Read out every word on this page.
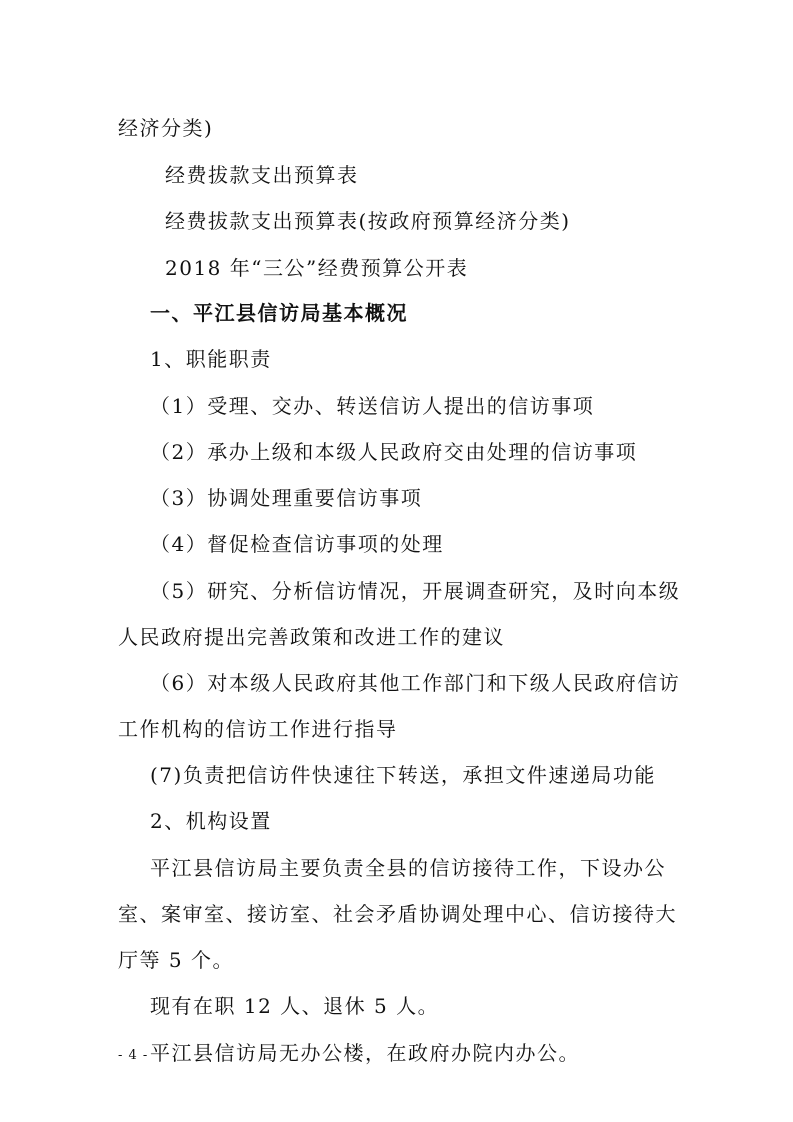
经济分类)
经费拔款支出预算表
经费拔款支出预算表(按政府预算经济分类)
2018 年“三公”经费预算公开表
一、平江县信访局基本概况
1、职能职责
（1）受理、交办、转送信访人提出的信访事项
（2）承办上级和本级人民政府交由处理的信访事项
（3）协调处理重要信访事项
（4）督促检查信访事项的处理
（5）研究、分析信访情况，开展调查研究，及时向本级
人民政府提出完善政策和改进工作的建议
（6）对本级人民政府其他工作部门和下级人民政府信访
工作机构的信访工作进行指导
(7)负责把信访件快速往下转送，承担文件速递局功能
2、机构设置
平江县信访局主要负责全县的信访接待工作，下设办公
室、案审室、接访室、社会矛盾协调处理中心、信访接待大
厅等 5 个。
现有在职 12 人、退休 5 人。
平江县信访局无办公楼，在政府办院内办公。
- 4 -
